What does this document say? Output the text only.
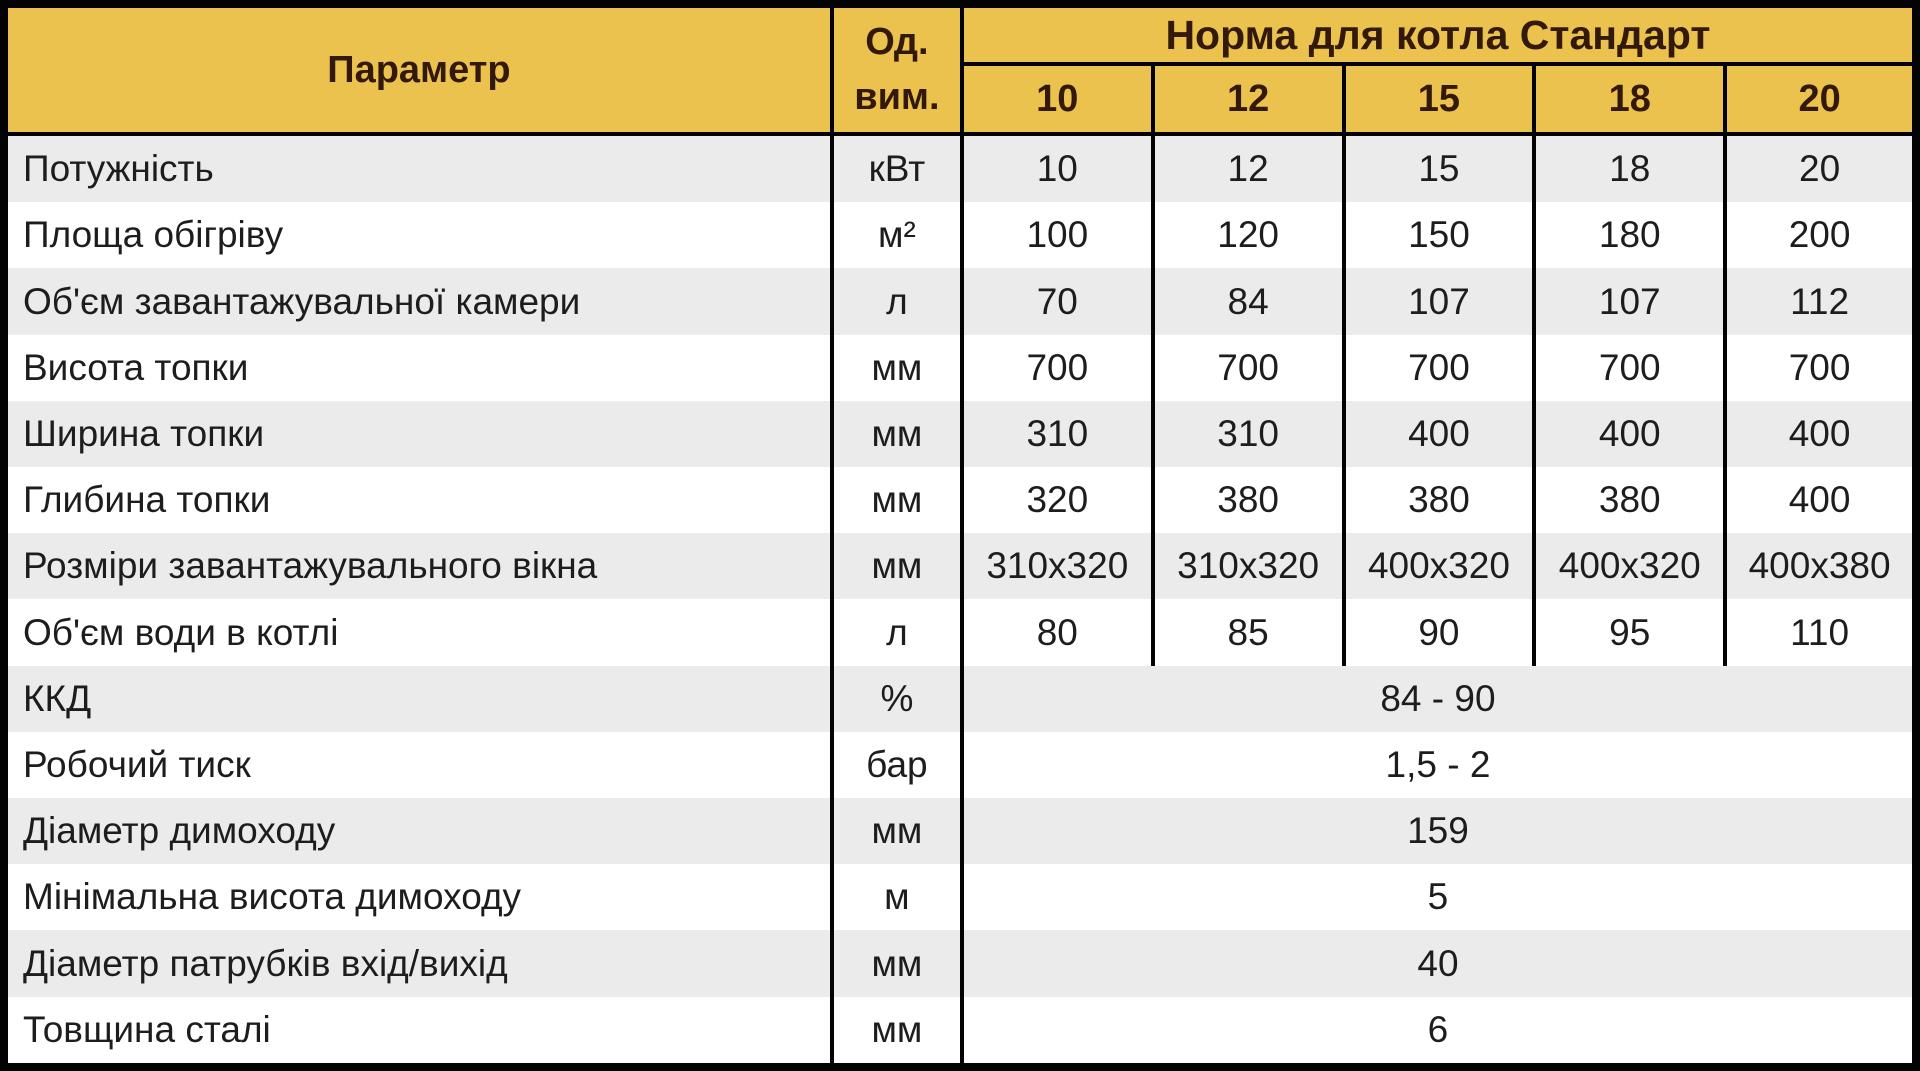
Параметр	Од. вим.	Норма для котла Стандарт				
		10	12	15	18	20
Потужність	кВт	10	12	15	18	20
Площа обігріву	м²	100	120	150	180	200
Об'єм завантажувальної камери	л	70	84	107	107	112
Висота топки	мм	700	700	700	700	700
Ширина топки	мм	310	310	400	400	400
Глибина топки	мм	320	380	380	380	400
Розміри завантажувального вікна	мм	310х320	310х320	400х320	400х320	400х380
Об'єм води в котлі	л	80	85	90	95	110
ККД	%	84 - 90				
Робочий тиск	бар	1,5 - 2				
Діаметр димоходу	мм	159				
Мінімальна висота димоходу	м	5				
Діаметр патрубків вхід/вихід	мм	40				
Товщина сталі	мм	6				
